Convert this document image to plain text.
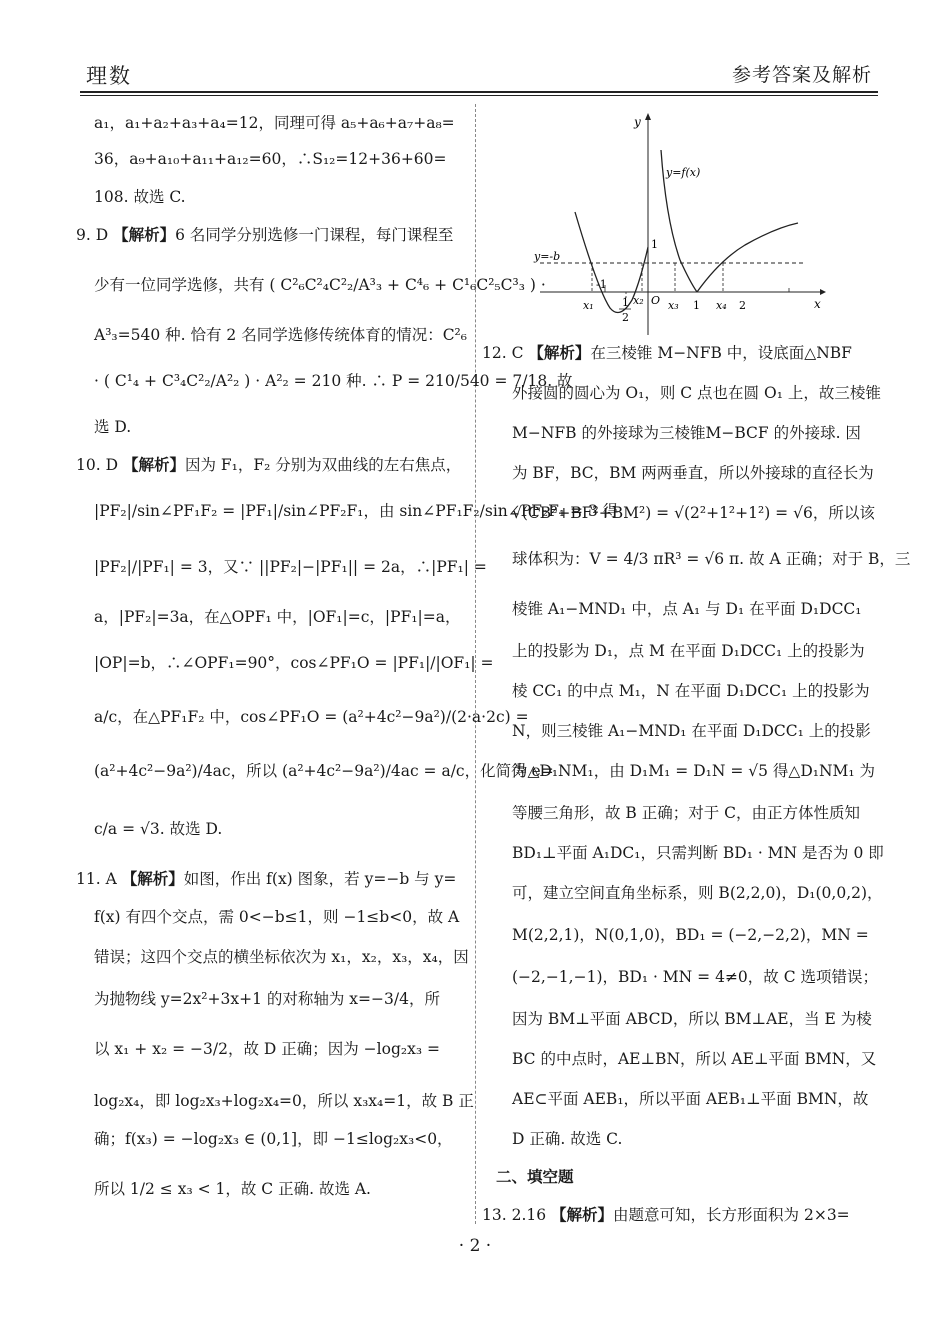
理数	参考答案及解析
a₁，a₁+a₂+a₃+a₄=12，同理可得 a₅+a₆+a₇+a₈=
36，a₉+a₁₀+a₁₁+a₁₂=60，∴S₁₂=12+36+60=
108. 故选 C.
9. D 【解析】6 名同学分别选修一门课程，每门课程至
少有一位同学选修，共有 ( C²₆C²₄C²₂/A³₃ + C⁴₆ + C¹₆C²₅C³₃ ) ·
A³₃=540 种. 恰有 2 名同学选修传统体育的情况：C²₆
· ( C¹₄ + C³₄C²₂/A²₂ ) · A²₂ = 210 种. ∴ P = 210/540 = 7/18. 故
选 D.
10. D 【解析】因为 F₁，F₂ 分别为双曲线的左右焦点，
|PF₂|/sin∠PF₁F₂ = |PF₁|/sin∠PF₂F₁，由 sin∠PF₁F₂/sin∠PF₂F₁ = 3 得
|PF₂|/|PF₁| = 3，又∵ ||PF₂|−|PF₁|| = 2a，∴|PF₁| =
a，|PF₂|=3a，在△OPF₁ 中，|OF₁|=c，|PF₁|=a，
|OP|=b，∴∠OPF₁=90°，cos∠PF₁O = |PF₁|/|OF₁| =
a/c，在△PF₁F₂ 中，cos∠PF₁O = (a²+4c²−9a²)/(2·a·2c) =
(a²+4c²−9a²)/4ac，所以 (a²+4c²−9a²)/4ac = a/c，化简得 e=
c/a = √3. 故选 D.
11. A 【解析】如图，作出 f(x) 图象，若 y=−b 与 y=
f(x) 有四个交点，需 0<−b≤1，则 −1≤b<0，故 A
错误；这四个交点的横坐标依次为 x₁，x₂，x₃，x₄，因
为抛物线 y=2x²+3x+1 的对称轴为 x=−3/4，所
以 x₁ + x₂ = −3/2，故 D 正确；因为 −log₂x₃ =
log₂x₄，即 log₂x₃+log₂x₄=0，所以 x₃x₄=1，故 B 正
确；f(x₃) = −log₂x₃ ∈ (0,1]，即 −1≤log₂x₃<0，
所以 1/2 ≤ x₃ < 1，故 C 正确. 故选 A.
y
x
y=-b
y=f(x)
x₁
-1
1
2
x₂ O x₃ 1 x₄ 2
1
12. C 【解析】在三棱锥 M−NFB 中，设底面△NBF
外接圆的圆心为 O₁，则 C 点也在圆 O₁ 上，故三棱锥
M−NFB 的外接球为三棱锥M−BCF 的外接球. 因
为 BF，BC，BM 两两垂直，所以外接球的直径长为
√(CB²+BF²+BM²) = √(2²+1²+1²) = √6，所以该
球体积为：V = 4/3 πR³ = √6 π. 故 A 正确；对于 B，三
棱锥 A₁−MND₁ 中，点 A₁ 与 D₁ 在平面 D₁DCC₁
上的投影为 D₁，点 M 在平面 D₁DCC₁ 上的投影为
棱 CC₁ 的中点 M₁，N 在平面 D₁DCC₁ 上的投影为
N，则三棱锥 A₁−MND₁ 在平面 D₁DCC₁ 上的投影
为△D₁NM₁，由 D₁M₁ = D₁N = √5 得△D₁NM₁ 为
等腰三角形，故 B 正确；对于 C，由正方体性质知
BD₁⊥平面 A₁DC₁，只需判断 BD₁ · MN 是否为 0 即
可，建立空间直角坐标系，则 B(2,2,0)，D₁(0,0,2)，
M(2,2,1)，N(0,1,0)，BD₁ = (−2,−2,2)，MN =
(−2,−1,−1)，BD₁ · MN = 4≠0，故 C 选项错误；
因为 BM⊥平面 ABCD，所以 BM⊥AE，当 E 为棱
BC 的中点时，AE⊥BN，所以 AE⊥平面 BMN，又
AE⊂平面 AEB₁，所以平面 AEB₁⊥平面 BMN，故
D 正确. 故选 C.
二、填空题
13. 2.16 【解析】由题意可知，长方形面积为 2×3=
· 2 ·
